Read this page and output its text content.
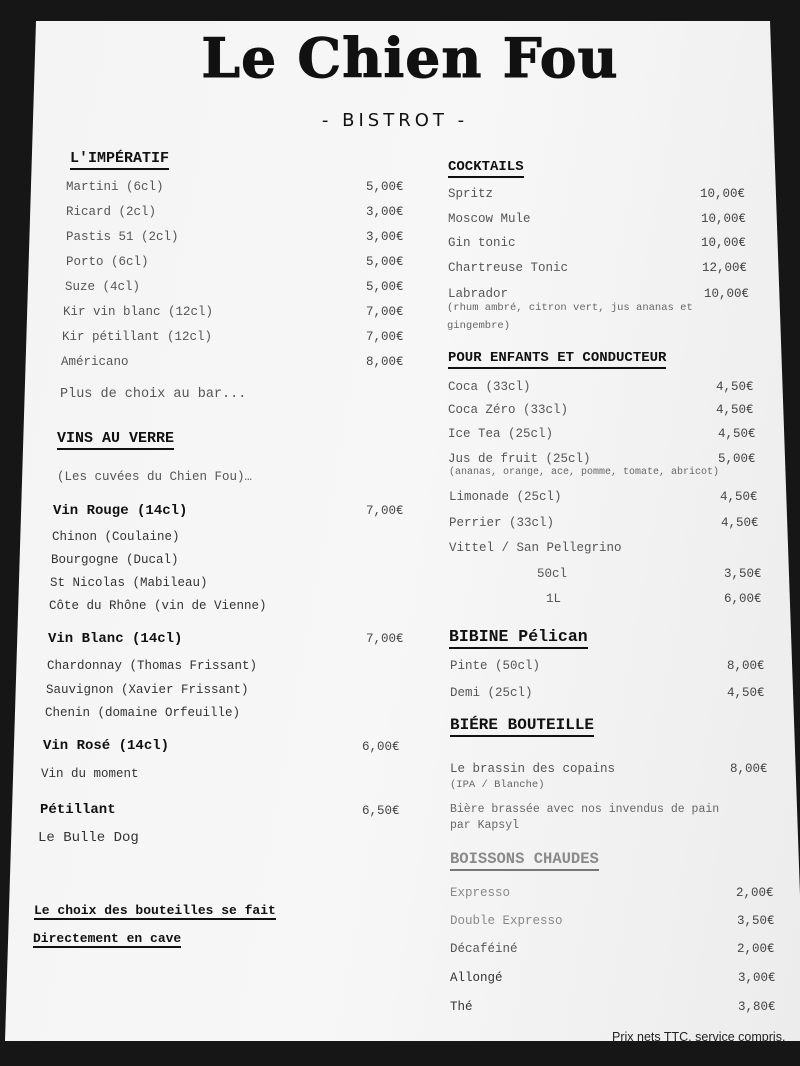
Le Chien Fou
- BISTROT -
L'IMPÉRATIF
Martini (6cl)	5,00€
Ricard (2cl)	3,00€
Pastis 51 (2cl)	3,00€
Porto (6cl)	5,00€
Suze (4cl)	5,00€
Kir vin blanc (12cl)	7,00€
Kir pétillant (12cl)	7,00€
Américano	8,00€
Plus de choix au bar...
VINS AU VERRE
(Les cuvées du Chien Fou)…
Vin Rouge (14cl)	7,00€
Chinon (Coulaine)
Bourgogne (Ducal)
St Nicolas (Mabileau)
Côte du Rhône (vin de Vienne)
Vin Blanc (14cl)	7,00€
Chardonnay (Thomas Frissant)
Sauvignon (Xavier Frissant)
Chenin (domaine Orfeuille)
Vin Rosé (14cl)	6,00€
Vin du moment
Pétillant	6,50€
Le Bulle Dog
Le choix des bouteilles se fait
Directement en cave
COCKTAILS
Spritz	10,00€
Moscow Mule	10,00€
Gin tonic	10,00€
Chartreuse Tonic	12,00€
Labrador	10,00€
(rhum ambré, citron vert, jus ananas et
gingembre)
POUR ENFANTS ET CONDUCTEUR
Coca (33cl)	4,50€
Coca Zéro (33cl)	4,50€
Ice Tea (25cl)	4,50€
Jus de fruit (25cl)	5,00€
(ananas, orange, ace, pomme, tomate, abricot)
Limonade (25cl)	4,50€
Perrier (33cl)	4,50€
Vittel / San Pellegrino
50cl	3,50€
1L	6,00€
BIBINE Pélican
Pinte (50cl)	8,00€
Demi (25cl)	4,50€
BIÉRE BOUTEILLE
Le brassin des copains	8,00€
(IPA / Blanche)
Bière brassée avec nos invendus de pain
par Kapsyl
BOISSONS CHAUDES
Expresso	2,00€
Double Expresso	3,50€
Décaféiné	2,00€
Allongé	3,00€
Thé	3,80€
Prix nets TTC, service compris.
